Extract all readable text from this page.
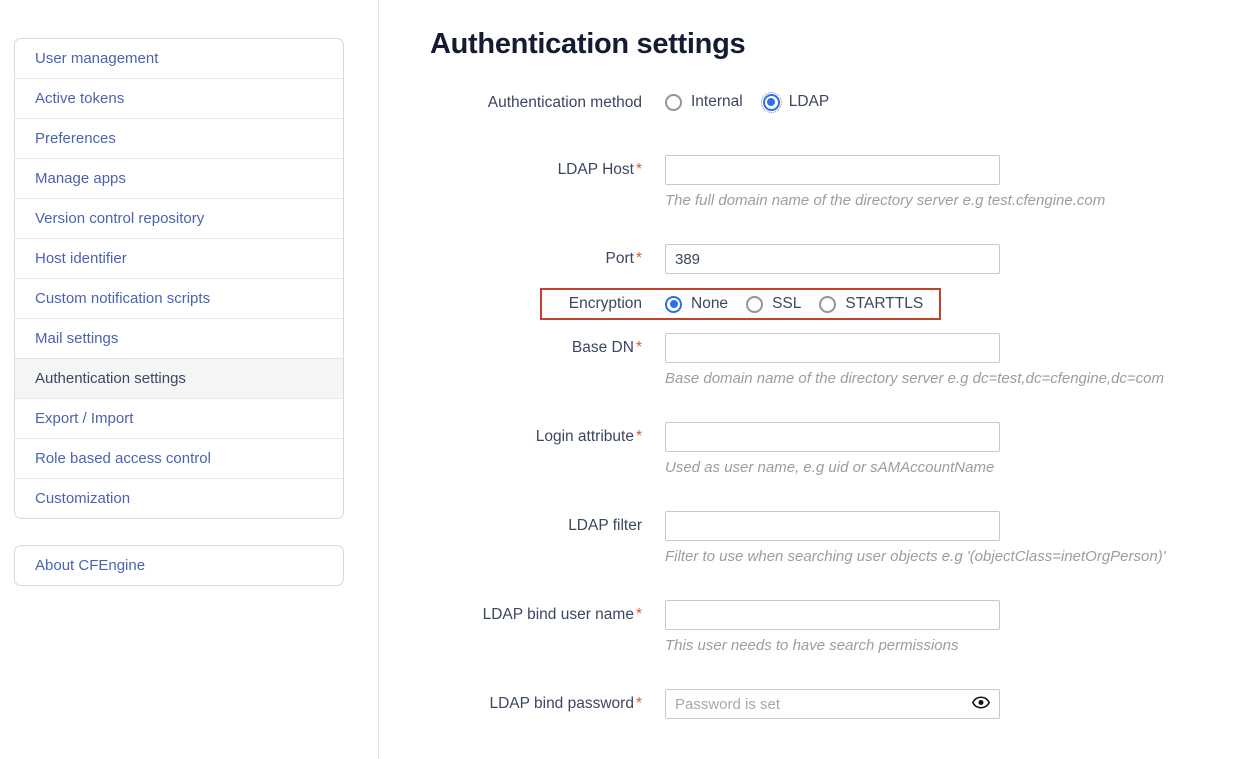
User management
Active tokens
Preferences
Manage apps
Version control repository
Host identifier
Custom notification scripts
Mail settings
Authentication settings
Export / Import
Role based access control
Customization
About CFEngine
Authentication settings
Authentication method	Internal	LDAP
LDAP Host *
The full domain name of the directory server e.g test.cfengine.com
Port *
389
Encryption	None	SSL	STARTTLS
Base DN *
Base domain name of the directory server e.g dc=test,dc=cfengine,dc=com
Login attribute *
Used as user name, e.g uid or sAMAccountName
LDAP filter
Filter to use when searching user objects e.g '(objectClass=inetOrgPerson)'
LDAP bind user name *
This user needs to have search permissions
LDAP bind password *
Password is set
